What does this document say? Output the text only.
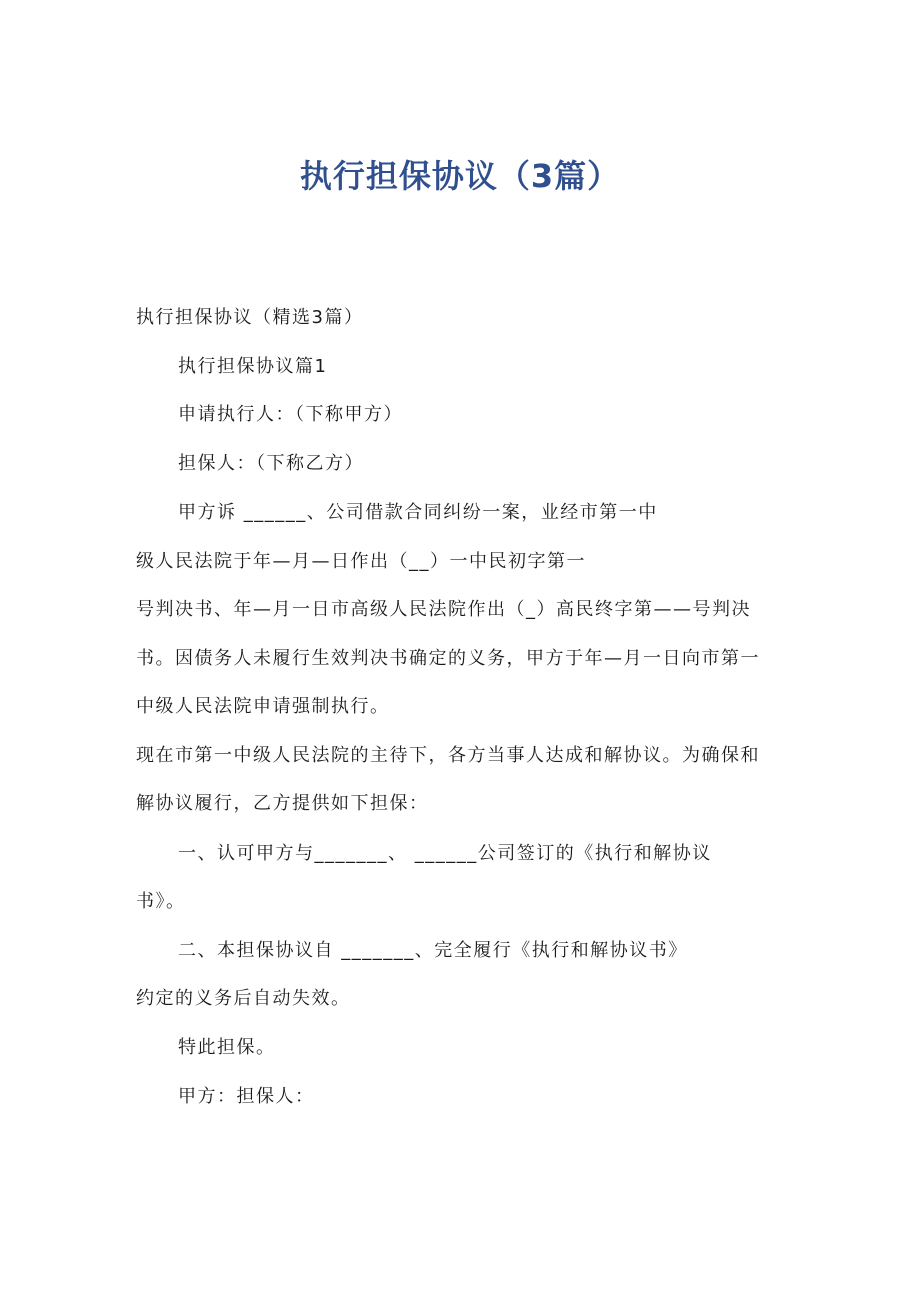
执行担保协议（3篇）
执行担保协议（精选3篇）
执行担保协议篇1
申请执行人：（下称甲方）
担保人：（下称乙方）
甲方诉 ______、公司借款合同纠纷一案，业经市第一中
级人民法院于年—月—日作出（__）一中民初字第一
号判决书、年—月一日市高级人民法院作出（_）高民终字第——号判决
书。因债务人未履行生效判决书确定的义务，甲方于年—月一日向市第一
中级人民法院申请强制执行。
现在市第一中级人民法院的主待下，各方当事人达成和解协议。为确保和
解协议履行，乙方提供如下担保：
一、认可甲方与_______、 ______公司签订的《执行和解协议
书》。
二、本担保协议自 _______、完全履行《执行和解协议书》
约定的义务后自动失效。
特此担保。
甲方：担保人：
